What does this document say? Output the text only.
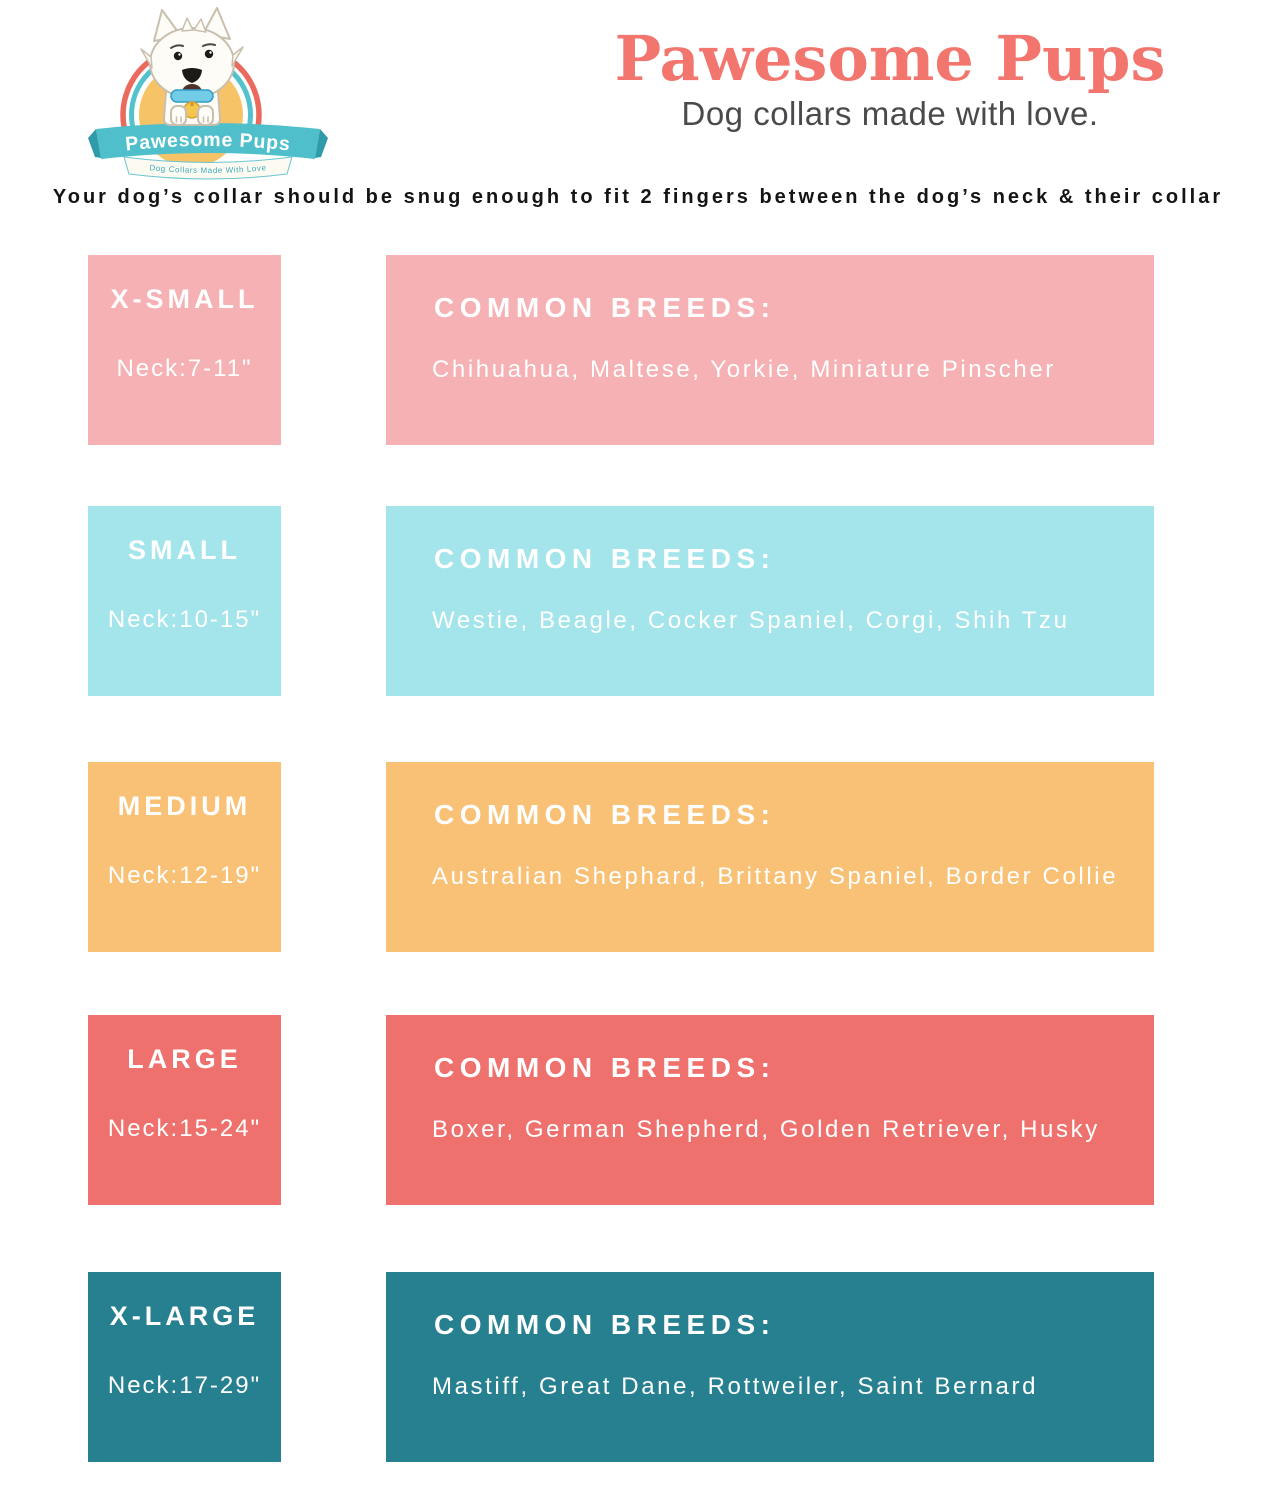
Pawesome Pups
Dog Collars Made With Love
Pawesome Pups

Dog collars made with love.

Your dog’s collar should be snug enough to fit 2 fingers between the dog’s neck & their collar

X-SMALL
Neck:7-11"
COMMON BREEDS:
Chihuahua, Maltese, Yorkie, Miniature Pinscher
SMALL
Neck:10-15"
COMMON BREEDS:
Westie, Beagle, Cocker Spaniel, Corgi, Shih Tzu
MEDIUM
Neck:12-19"
COMMON BREEDS:
Australian Shephard, Brittany Spaniel, Border Collie
LARGE
Neck:15-24"
COMMON BREEDS:
Boxer, German Shepherd, Golden Retriever, Husky
X-LARGE
Neck:17-29"
COMMON BREEDS:
Mastiff, Great Dane, Rottweiler, Saint Bernard
